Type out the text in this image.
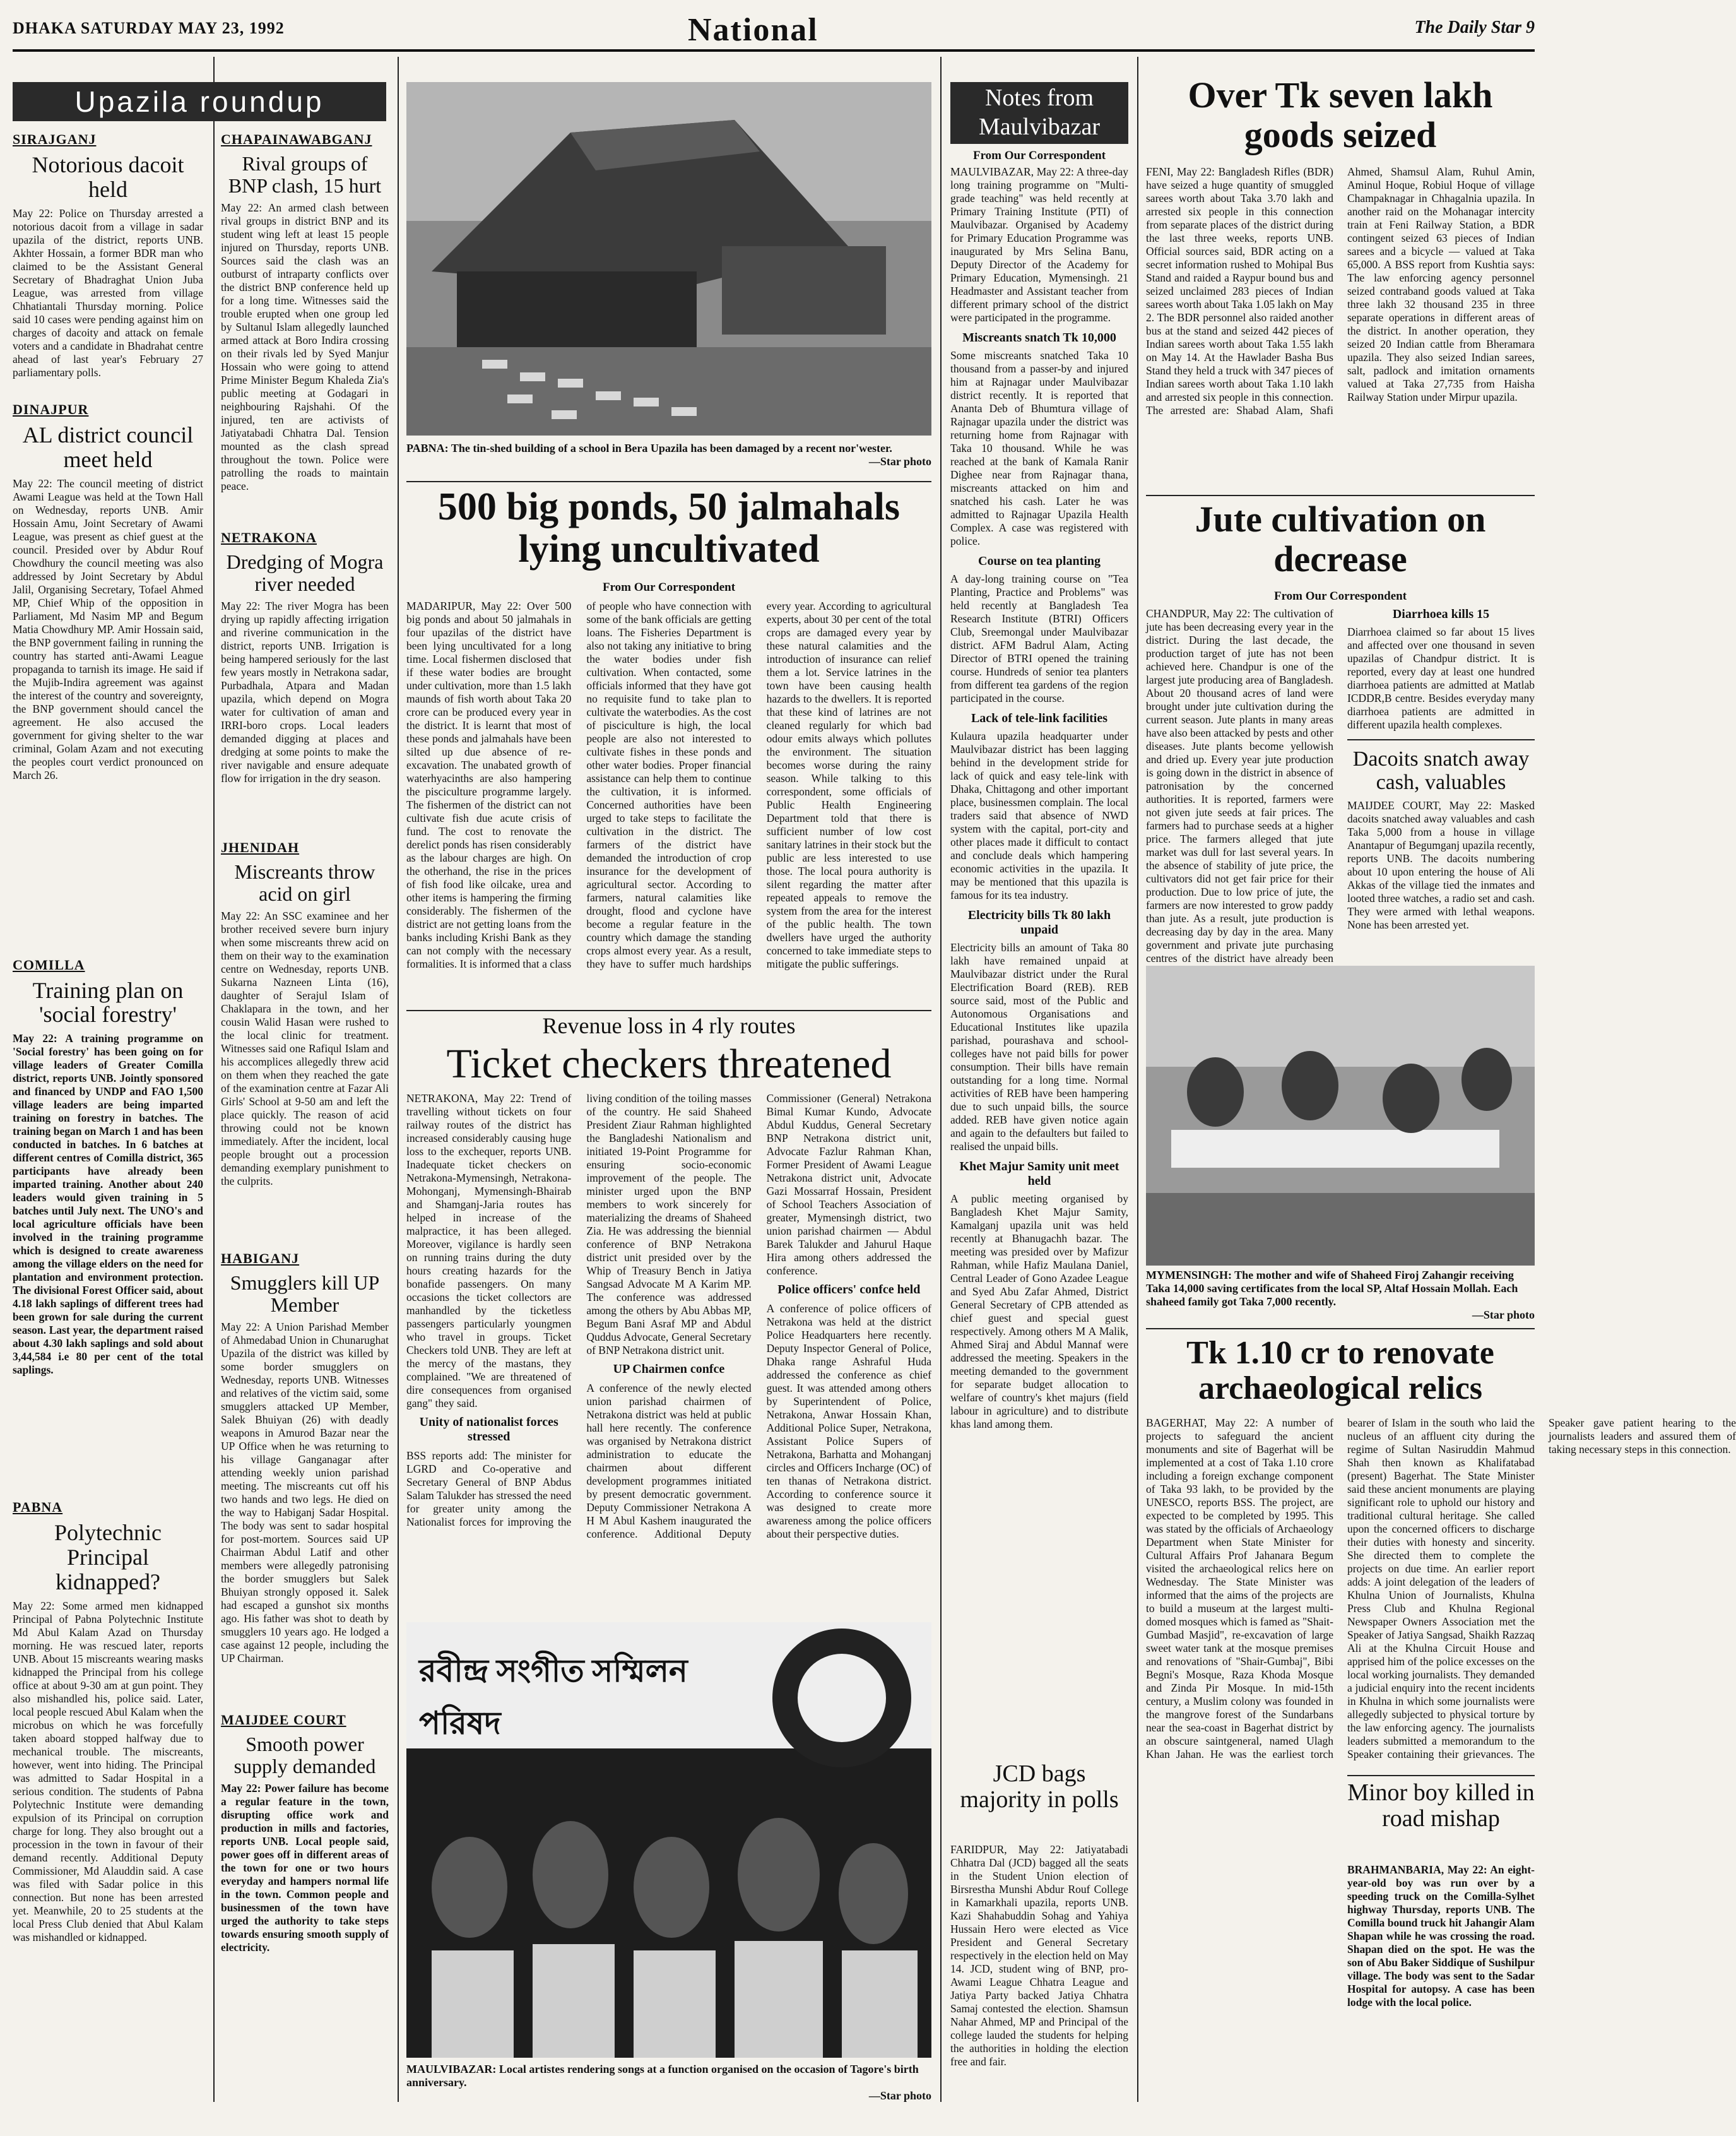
DHAKA SATURDAY MAY 23, 1992	National	The Daily Star 9
Upazila roundup
SIRAJGANJ
Notorious dacoit held
May 22: Police on Thursday arrested a notorious dacoit from a village in sadar upazila of the district, reports UNB. Akhter Hossain, a former BDR man who claimed to be the Assistant General Secretary of Bhadraghat Union Juba League, was arrested from village Chhatiantali Thursday morning. Police said 10 cases were pending against him on charges of dacoity and attack on female voters and a candidate in Bhadrahat centre ahead of last year's February 27 parliamentary polls.
DINAJPUR
AL district council meet held
May 22: The council meeting of district Awami League was held at the Town Hall on Wednesday, reports UNB. Amir Hossain Amu, Joint Secretary of Awami League, was present as chief guest at the council. Presided over by Abdur Rouf Chowdhury the council meeting was also addressed by Joint Secretary by Abdul Jalil, Organising Secretary, Tofael Ahmed MP, Chief Whip of the opposition in Parliament, Md Nasim MP and Begum Matia Chowdhury MP. Amir Hossain said, the BNP government failing in running the country has started anti-Awami League propaganda to tarnish its image. He said if the Mujib-Indira agreement was against the interest of the country and sovereignty, the BNP government should cancel the agreement. He also accused the government for giving shelter to the war criminal, Golam Azam and not executing the peoples court verdict pronounced on March 26.
COMILLA
Training plan on 'social forestry'
May 22: A training programme on 'Social forestry' has been going on for village leaders of Greater Comilla district, reports UNB. Jointly sponsored and financed by UNDP and FAO 1,500 village leaders are being imparted training on forestry in batches. The training began on March 1 and has been conducted in batches. In 6 batches at different centres of Comilla district, 365 participants have already been imparted training. Another about 240 leaders would given training in 5 batches until July next. The UNO's and local agriculture officials have been involved in the training programme which is designed to create awareness among the village elders on the need for plantation and environment protection. The divisional Forest Officer said, about 4.18 lakh saplings of different trees had been grown for sale during the current season. Last year, the department raised about 4.30 lakh saplings and sold about 3,44,584 i.e 80 per cent of the total saplings.
PABNA
Polytechnic Principal kidnapped?
May 22: Some armed men kidnapped Principal of Pabna Polytechnic Institute Md Abul Kalam Azad on Thursday morning. He was rescued later, reports UNB. About 15 miscreants wearing masks kidnapped the Principal from his college office at about 9-30 am at gun point. They also mishandled his, police said. Later, local people rescued Abul Kalam when the microbus on which he was forcefully taken aboard stopped halfway due to mechanical trouble. The miscreants, however, went into hiding. The Principal was admitted to Sadar Hospital in a serious condition. The students of Pabna Polytechnic Institute were demanding expulsion of its Principal on corruption charge for long. They also brought out a procession in the town in favour of their demand recently. Additional Deputy Commissioner, Md Alauddin said. A case was filed with Sadar police in this connection. But none has been arrested yet. Meanwhile, 20 to 25 students at the local Press Club denied that Abul Kalam was mishandled or kidnapped.
CHAPAINAWABGANJ
Rival groups of BNP clash, 15 hurt
May 22: An armed clash between rival groups in district BNP and its student wing left at least 15 people injured on Thursday, reports UNB. Sources said the clash was an outburst of intraparty conflicts over the district BNP conference held up for a long time. Witnesses said the trouble erupted when one group led by Sultanul Islam allegedly launched armed attack at Boro Indira crossing on their rivals led by Syed Manjur Hossain who were going to attend Prime Minister Begum Khaleda Zia's public meeting at Godagari in neighbouring Rajshahi. Of the injured, ten are activists of Jatiyatabadi Chhatra Dal. Tension mounted as the clash spread throughout the town. Police were patrolling the roads to maintain peace.
NETRAKONA
Dredging of Mogra river needed
May 22: The river Mogra has been drying up rapidly affecting irrigation and riverine communication in the district, reports UNB. Irrigation is being hampered seriously for the last few years mostly in Netrakona sadar, Purbadhala, Atpara and Madan upazila, which depend on Mogra water for cultivation of aman and IRRI-boro crops. Local leaders demanded digging at places and dredging at some points to make the river navigable and ensure adequate flow for irrigation in the dry season.
JHENIDAH
Miscreants throw acid on girl
May 22: An SSC examinee and her brother received severe burn injury when some miscreants threw acid on them on their way to the examination centre on Wednesday, reports UNB. Sukarna Nazneen Linta (16), daughter of Serajul Islam of Chaklapara in the town, and her cousin Walid Hasan were rushed to the local clinic for treatment. Witnesses said one Rafiqul Islam and his accomplices allegedly threw acid on them when they reached the gate of the examination centre at Fazar Ali Girls' School at 9-50 am and left the place quickly. The reason of acid throwing could not be known immediately. After the incident, local people brought out a procession demanding exemplary punishment to the culprits.
HABIGANJ
Smugglers kill UP Member
May 22: A Union Parishad Member of Ahmedabad Union in Chunarughat Upazila of the district was killed by some border smugglers on Wednesday, reports UNB. Witnesses and relatives of the victim said, some smugglers attacked UP Member, Salek Bhuiyan (26) with deadly weapons in Amurod Bazar near the UP Office when he was returning to his village Ganganagar after attending weekly union parishad meeting. The miscreants cut off his two hands and two legs. He died on the way to Habiganj Sadar Hospital. The body was sent to sadar hospital for post-mortem. Sources said UP Chairman Abdul Latif and other members were allegedly patronising the border smugglers but Salek Bhuiyan strongly opposed it. Salek had escaped a gunshot six months ago. His father was shot to death by smugglers 10 years ago. He lodged a case against 12 people, including the UP Chairman.
MAIJDEE COURT
Smooth power supply demanded
May 22: Power failure has become a regular feature in the town, disrupting office work and production in mills and factories, reports UNB. Local people said, power goes off in different areas of the town for one or two hours everyday and hampers normal life in the town. Common people and businessmen of the town have urged the authority to take steps towards ensuring smooth supply of electricity.
PABNA: The tin-shed building of a school in Bera Upazila has been damaged by a recent nor'wester.
—Star photo
500 big ponds, 50 jalmahals lying uncultivated
From Our Correspondent
MADARIPUR, May 22: Over 500 big ponds and about 50 jalmahals in four upazilas of the district have been lying uncultivated for a long time. Local fishermen disclosed that if these water bodies are brought under cultivation, more than 1.5 lakh maunds of fish worth about Taka 20 crore can be produced every year in the district. It is learnt that most of these ponds and jalmahals have been silted up due absence of re-excavation. The unabated growth of waterhyacinths are also hampering the pisciculture programme largely. The fishermen of the district can not cultivate fish due acute crisis of fund. The cost to renovate the derelict ponds has risen considerably as the labour charges are high. On the otherhand, the rise in the prices of fish food like oilcake, urea and other items is hampering the firming considerably. The fishermen of the district are not getting loans from the banks including Krishi Bank as they can not comply with the necessary formalities. It is informed that a class of people who have connection with some of the bank officials are getting loans. The Fisheries Department is also not taking any initiative to bring the water bodies under fish cultivation. When contacted, some officials informed that they have got no requisite fund to take plan to cultivate the waterbodies. As the cost of pisciculture is high, the local people are also not interested to cultivate fishes in these ponds and other water bodies. Proper financial assistance can help them to continue the cultivation, it is informed. Concerned authorities have been urged to take steps to facilitate the cultivation in the district. The farmers of the district have demanded the introduction of crop insurance for the development of agricultural sector. According to farmers, natural calamities like drought, flood and cyclone have become a regular feature in the country which damage the standing crops almost every year. As a result, they have to suffer much hardships every year. According to agricultural experts, about 30 per cent of the total crops are damaged every year by these natural calamities and the introduction of insurance can relief them a lot. Service latrines in the town have been causing health hazards to the dwellers. It is reported that these kind of latrines are not cleaned regularly for which bad odour emits always which pollutes the environment. The situation becomes worse during the rainy season. While talking to this correspondent, some officials of Public Health Engineering Department told that there is sufficient number of low cost sanitary latrines in their stock but the public are less interested to use those. The local poura authority is silent regarding the matter after repeated appeals to remove the system from the area for the interest of the public health. The town dwellers have urged the authority concerned to take immediate steps to mitigate the public sufferings.
Revenue loss in 4 rly routes
Ticket checkers threatened
NETRAKONA, May 22: Trend of travelling without tickets on four railway routes of the district has increased considerably causing huge loss to the exchequer, reports UNB. Inadequate ticket checkers on Netrakona-Mymensingh, Netrakona-Mohonganj, Mymensingh-Bhairab and Shamganj-Jaria routes has helped in increase of the malpractice, it has been alleged. Moreover, vigilance is hardly seen on running trains during the duty hours creating hazards for the bonafide passengers. On many occasions the ticket collectors are manhandled by the ticketless passengers particularly youngmen who travel in groups. Ticket Checkers told UNB. They are left at the mercy of the mastans, they complained. "We are threatened of dire consequences from organised gang" they said.
Unity of nationalist forces stressed
BSS reports add: The minister for LGRD and Co-operative and Secretary General of BNP Abdus Salam Talukder has stressed the need for greater unity among the Nationalist forces for improving the living condition of the toiling masses of the country. He said Shaheed President Ziaur Rahman highlighted the Bangladeshi Nationalism and initiated 19-Point Programme for ensuring socio-economic improvement of the people. The minister urged upon the BNP members to work sincerely for materializing the dreams of Shaheed Zia. He was addressing the biennial conference of BNP Netrakona district unit presided over by the Whip of Treasury Bench in Jatiya Sangsad Advocate M A Karim MP. The conference was addressed among the others by Abu Abbas MP, Begum Bani Asraf MP and Abdul Quddus Advocate, General Secretary of BNP Netrakona district unit.
UP Chairmen confce
A conference of the newly elected union parishad chairmen of Netrakona district was held at public hall here recently. The conference was organised by Netrakona district administration to educate the chairmen about different development programmes initiated by present democratic government. Deputy Commissioner Netrakona A H M Abul Kashem inaugurated the conference. Additional Deputy Commissioner (General) Netrakona Bimal Kumar Kundo, Advocate Abdul Kuddus, General Secretary BNP Netrakona district unit, Advocate Fazlur Rahman Khan, Former President of Awami League Netrakona district unit, Advocate Gazi Mossarraf Hossain, President of School Teachers Association of greater, Mymensingh district, two union parishad chairmen — Abdul Barek Talukder and Jahurul Haque Hira among others addressed the conference.
Police officers' confce held
A conference of police officers of Netrakona was held at the district Police Headquarters here recently. Deputy Inspector General of Police, Dhaka range Ashraful Huda addressed the conference as chief guest. It was attended among others by Superintendent of Police, Netrakona, Anwar Hossain Khan, Additional Police Super, Netrakona, Assistant Police Supers of Netrakona, Barhatta and Mohanganj circles and Officers Incharge (OC) of ten thanas of Netrakona district. According to conference source it was designed to create more awareness among the police officers about their perspective duties.
রবীন্দ্র সংগীত সম্মিলন পরিষদ
MAULVIBAZAR: Local artistes rendering songs at a function organised on the occasion of Tagore's birth anniversary.
—Star photo
Notes from Maulvibazar
From Our Correspondent
MAULVIBAZAR, May 22: A three-day long training programme on "Multi-grade teaching" was held recently at Primary Training Institute (PTI) of Maulvibazar. Organised by Academy for Primary Education Programme was inaugurated by Mrs Selina Banu, Deputy Director of the Academy for Primary Education, Mymensingh. 21 Headmaster and Assistant teacher from different primary school of the district were participated in the programme.
Miscreants snatch Tk 10,000
Some miscreants snatched Taka 10 thousand from a passer-by and injured him at Rajnagar under Maulvibazar district recently. It is reported that Ananta Deb of Bhumtura village of Rajnagar upazila under the district was returning home from Rajnagar with Taka 10 thousand. While he was reached at the bank of Kamala Ranir Dighee near from Rajnagar thana, miscreants attacked on him and snatched his cash. Later he was admitted to Rajnagar Upazila Health Complex. A case was registered with police.
Course on tea planting
A day-long training course on "Tea Planting, Practice and Problems" was held recently at Bangladesh Tea Research Institute (BTRI) Officers Club, Sreemongal under Maulvibazar district. AFM Badrul Alam, Acting Director of BTRI opened the training course. Hundreds of senior tea planters from different tea gardens of the region participated in the course.
Lack of tele-link facilities
Kulaura upazila headquarter under Maulvibazar district has been lagging behind in the development stride for lack of quick and easy tele-link with Dhaka, Chittagong and other important place, businessmen complain. The local traders said that absence of NWD system with the capital, port-city and other places made it difficult to contact and conclude deals which hampering economic activities in the upazila. It may be mentioned that this upazila is famous for its tea industry.
Electricity bills Tk 80 lakh unpaid
Electricity bills an amount of Taka 80 lakh have remained unpaid at Maulvibazar district under the Rural Electrification Board (REB). REB source said, most of the Public and Autonomous Organisations and Educational Institutes like upazila parishad, pourashava and school-colleges have not paid bills for power consumption. Their bills have remain outstanding for a long time. Normal activities of REB have been hampering due to such unpaid bills, the source added. REB have given notice again and again to the defaulters but failed to realised the unpaid bills.
Khet Majur Samity unit meet held
A public meeting organised by Bangladesh Khet Majur Samity, Kamalganj upazila unit was held recently at Bhanugachh bazar. The meeting was presided over by Mafizur Rahman, while Hafiz Maulana Daniel, Central Leader of Gono Azadee League and Syed Abu Zafar Ahmed, District General Secretary of CPB attended as chief guest and special guest respectively. Among others M A Malik, Ahmed Siraj and Abdul Mannaf were addressed the meeting. Speakers in the meeting demanded to the government for separate budget allocation to welfare of country's khet majurs (field labour in agriculture) and to distribute khas land among them.
JCD bags majority in polls
FARIDPUR, May 22: Jatiyatabadi Chhatra Dal (JCD) bagged all the seats in the Student Union election of Birsrestha Munshi Abdur Rouf College in Kamarkhali upazila, reports UNB. Kazi Shahabuddin Sohag and Yahiya Hussain Hero were elected as Vice President and General Secretary respectively in the election held on May 14. JCD, student wing of BNP, pro-Awami League Chhatra League and Jatiya Party backed Jatiya Chhatra Samaj contested the election. Shamsun Nahar Ahmed, MP and Principal of the college lauded the students for helping the authorities in holding the election free and fair.
Over Tk seven lakh goods seized
FENI, May 22: Bangladesh Rifles (BDR) have seized a huge quantity of smuggled sarees worth about Taka 3.70 lakh and arrested six people in this connection from separate places of the district during the last three weeks, reports UNB. Official sources said, BDR acting on a secret information rushed to Mohipal Bus Stand and raided a Raypur bound bus and seized unclaimed 283 pieces of Indian sarees worth about Taka 1.05 lakh on May 2. The BDR personnel also raided another bus at the stand and seized 442 pieces of Indian sarees worth about Taka 1.55 lakh on May 14. At the Hawlader Basha Bus Stand they held a truck with 347 pieces of Indian sarees worth about Taka 1.10 lakh and arrested six people in this connection. The arrested are: Shabad Alam, Shafi Ahmed, Shamsul Alam, Ruhul Amin, Aminul Hoque, Robiul Hoque of village Champaknagar in Chhagalnia upazila. In another raid on the Mohanagar intercity train at Feni Railway Station, a BDR contingent seized 63 pieces of Indian sarees and a bicycle — valued at Taka 65,000. A BSS report from Kushtia says: The law enforcing agency personnel seized contraband goods valued at Taka three lakh 32 thousand 235 in three separate operations in different areas of the district. In another operation, they seized 20 Indian cattle from Bheramara upazila. They also seized Indian sarees, salt, padlock and imitation ornaments valued at Taka 27,735 from Haisha Railway Station under Mirpur upazila.
Jute cultivation on decrease
From Our Correspondent
CHANDPUR, May 22: The cultivation of jute has been decreasing every year in the district. During the last decade, the production target of jute has not been achieved here. Chandpur is one of the largest jute producing area of Bangladesh. About 20 thousand acres of land were brought under jute cultivation during the current season. Jute plants in many areas have also been attacked by pests and other diseases. Jute plants become yellowish and dried up. Every year jute production is going down in the district in absence of patronisation by the concerned authorities. It is reported, farmers were not given jute seeds at fair prices. The farmers had to purchase seeds at a higher price. The farmers alleged that jute market was dull for last several years. In the absence of stability of jute price, the cultivators did not get fair price for their production. Due to low price of jute, the farmers are now interested to grow paddy than jute. As a result, jute production is decreasing day by day in the area. Many government and private jute purchasing centres of the district have already been
Diarrhoea kills 15
Diarrhoea claimed so far about 15 lives and affected over one thousand in seven upazilas of Chandpur district. It is reported, every day at least one hundred diarrhoea patients are admitted at Matlab ICDDR,B centre. Besides everyday many diarrhoea patients are admitted in different upazila health complexes.
Dacoits snatch away cash, valuables
MAIJDEE COURT, May 22: Masked dacoits snatched away valuables and cash Taka 5,000 from a house in village Anantapur of Begumganj upazila recently, reports UNB. The dacoits numbering about 10 upon entering the house of Ali Akkas of the village tied the inmates and looted three watches, a radio set and cash. They were armed with lethal weapons. None has been arrested yet.
MYMENSINGH: The mother and wife of Shaheed Firoj Zahangir receiving Taka 14,000 saving certificates from the local SP, Altaf Hossain Mollah. Each shaheed family got Taka 7,000 recently.
—Star photo
Tk 1.10 cr to renovate archaeological relics
BAGERHAT, May 22: A number of projects to safeguard the ancient monuments and site of Bagerhat will be implemented at a cost of Taka 1.10 crore including a foreign exchange component of Taka 93 lakh, to be provided by the UNESCO, reports BSS. The project, are expected to be completed by 1995. This was stated by the officials of Archaeology Department when State Minister for Cultural Affairs Prof Jahanara Begum visited the archaeological relics here on Wednesday. The State Minister was informed that the aims of the projects are to build a museum at the largest multi-domed mosques which is famed as "Shait-Gumbad Masjid", re-excavation of large sweet water tank at the mosque premises and renovations of "Shair-Gumbaj", Bibi Begni's Mosque, Raza Khoda Mosque and Zinda Pir Mosque. In mid-15th century, a Muslim colony was founded in the mangrove forest of the Sundarbans near the sea-coast in Bagerhat district by an obscure saintgeneral, named Ulagh Khan Jahan. He was the earliest torch bearer of Islam in the south who laid the nucleus of an affluent city during the regime of Sultan Nasiruddin Mahmud Shah then known as Khalifatabad (present) Bagerhat. The State Minister said these ancient monuments are playing significant role to uphold our history and traditional cultural heritage. She called upon the concerned officers to discharge their duties with honesty and sincerity. She directed them to complete the projects on due time. An earlier report adds: A joint delegation of the leaders of Khulna Union of Journalists, Khulna Press Club and Khulna Regional Newspaper Owners Association met the Speaker of Jatiya Sangsad, Shaikh Razzaq Ali at the Khulna Circuit House and apprised him of the police excesses on the local working journalists. They demanded a judicial enquiry into the recent incidents in Khulna in which some journalists were allegedly subjected to physical torture by the law enforcing agency. The journalists leaders submitted a memorandum to the Speaker containing their grievances. The Speaker gave patient hearing to the journalists leaders and assured them of taking necessary steps in this connection.
Minor boy killed in road mishap
BRAHMANBARIA, May 22: An eight-year-old boy was run over by a speeding truck on the Comilla-Sylhet highway Thursday, reports UNB. The Comilla bound truck hit Jahangir Alam Shapan while he was crossing the road. Shapan died on the spot. He was the son of Abu Baker Siddique of Sushilpur village. The body was sent to the Sadar Hospital for autopsy. A case has been lodge with the local police.
